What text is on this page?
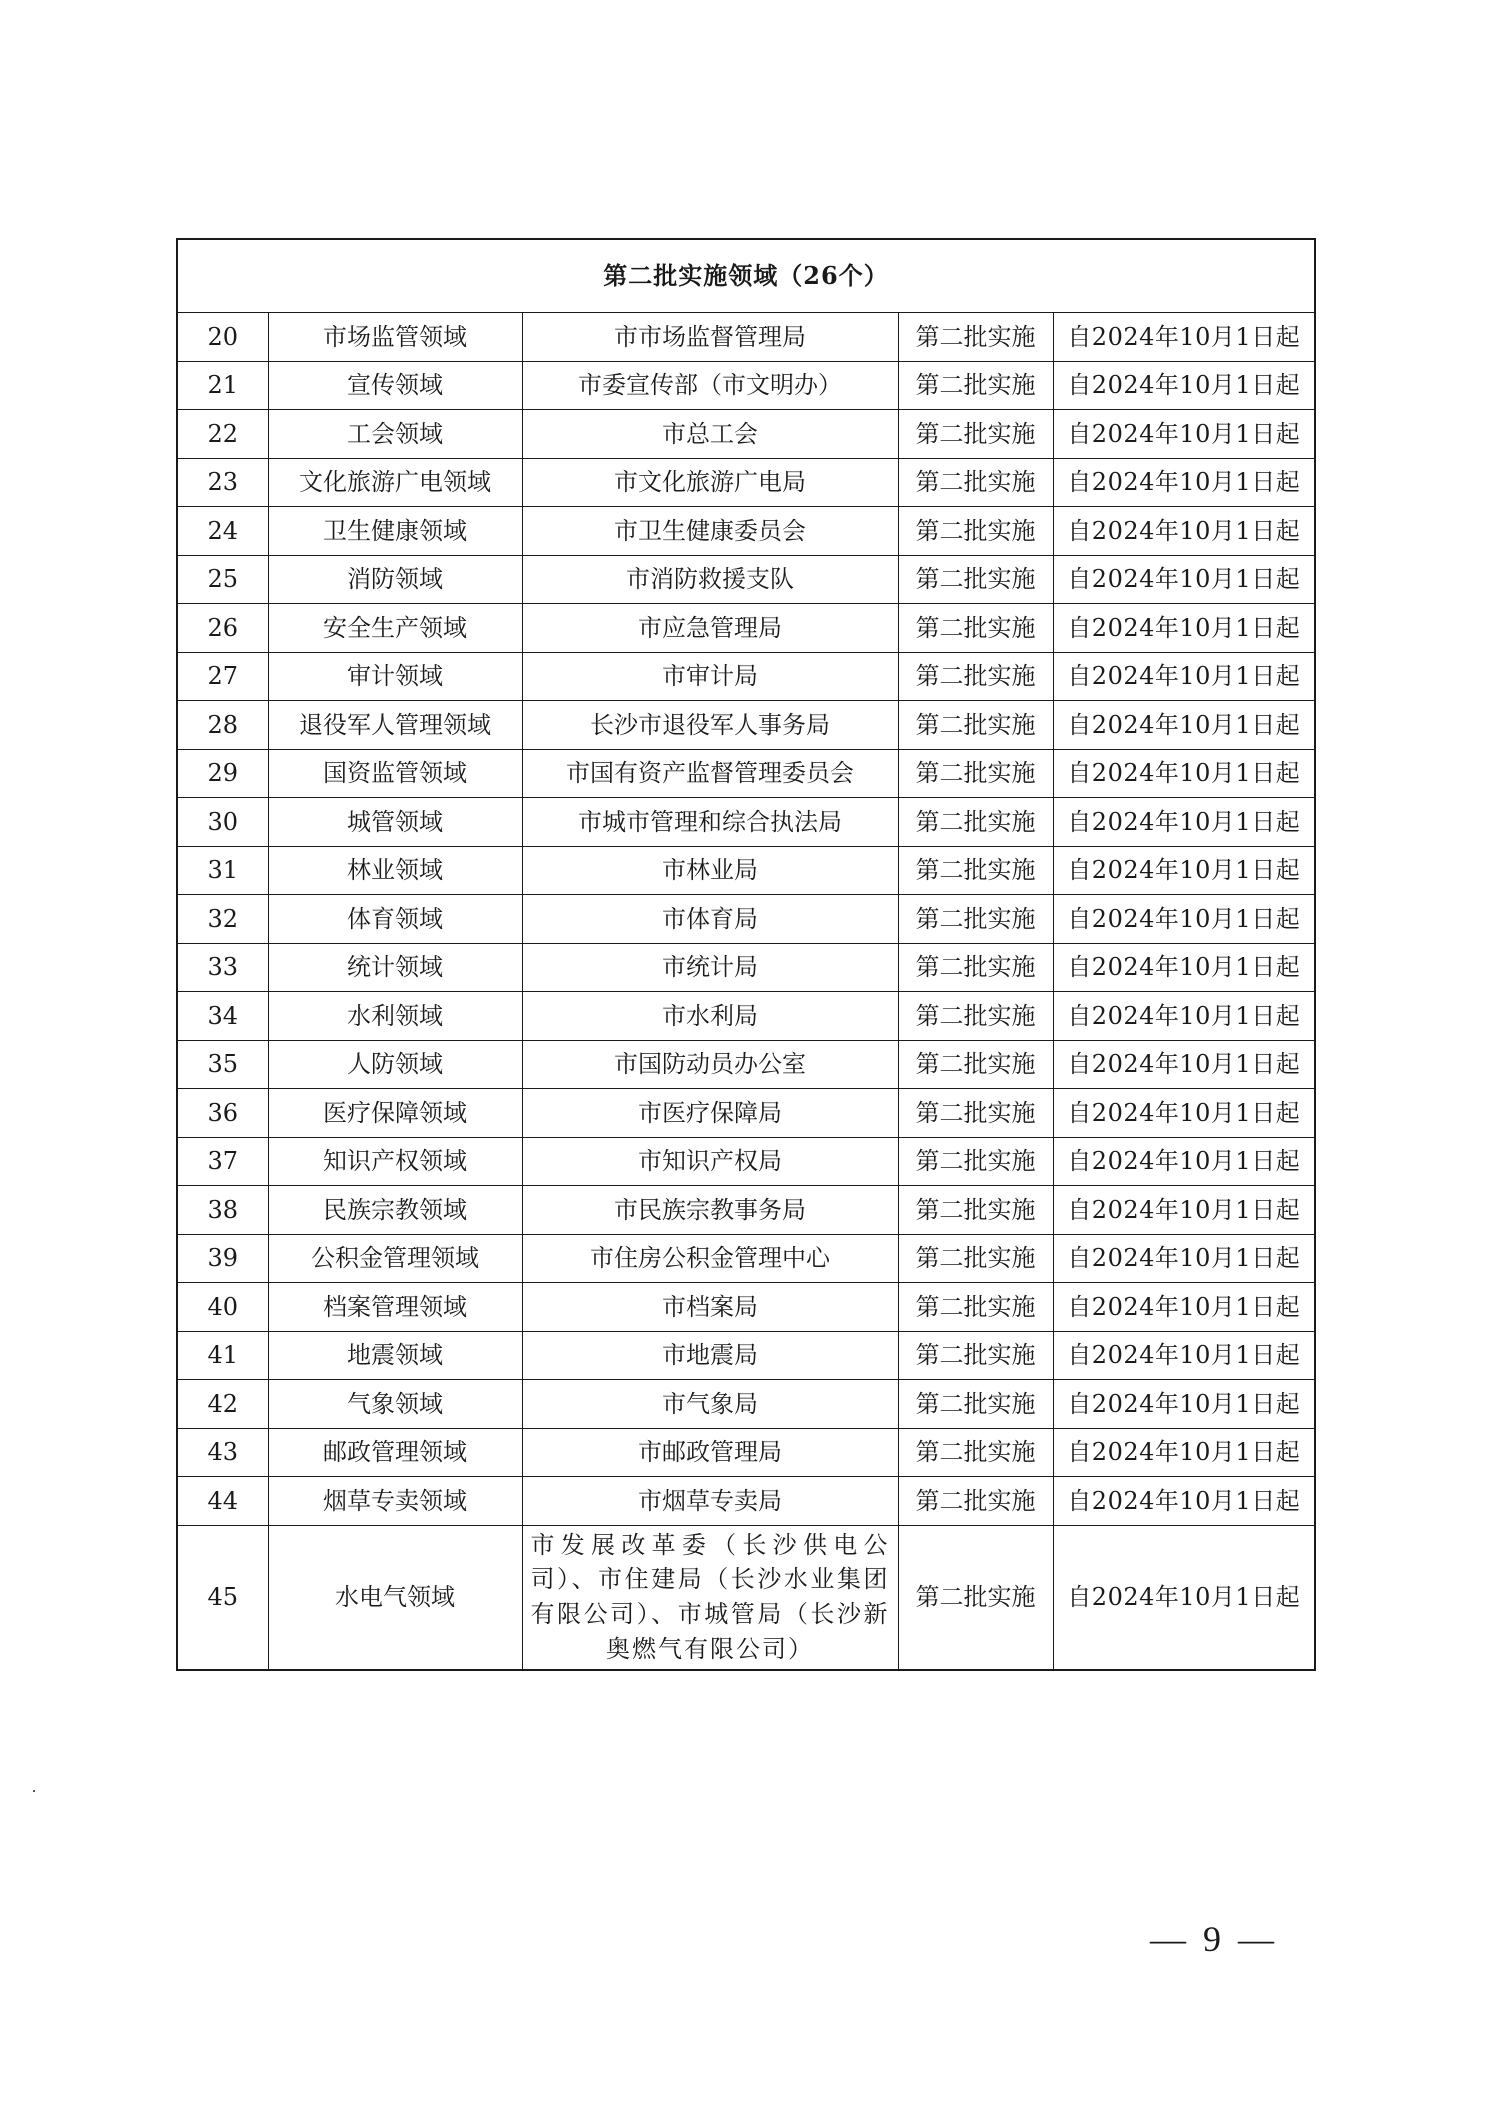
第二批实施领域（26个）				
20	市场监管领域	市市场监督管理局	第二批实施	自2024年10月1日起
21	宣传领域	市委宣传部（市文明办）	第二批实施	自2024年10月1日起
22	工会领域	市总工会	第二批实施	自2024年10月1日起
23	文化旅游广电领域	市文化旅游广电局	第二批实施	自2024年10月1日起
24	卫生健康领域	市卫生健康委员会	第二批实施	自2024年10月1日起
25	消防领域	市消防救援支队	第二批实施	自2024年10月1日起
26	安全生产领域	市应急管理局	第二批实施	自2024年10月1日起
27	审计领域	市审计局	第二批实施	自2024年10月1日起
28	退役军人管理领域	长沙市退役军人事务局	第二批实施	自2024年10月1日起
29	国资监管领域	市国有资产监督管理委员会	第二批实施	自2024年10月1日起
30	城管领域	市城市管理和综合执法局	第二批实施	自2024年10月1日起
31	林业领域	市林业局	第二批实施	自2024年10月1日起
32	体育领域	市体育局	第二批实施	自2024年10月1日起
33	统计领域	市统计局	第二批实施	自2024年10月1日起
34	水利领域	市水利局	第二批实施	自2024年10月1日起
35	人防领域	市国防动员办公室	第二批实施	自2024年10月1日起
36	医疗保障领域	市医疗保障局	第二批实施	自2024年10月1日起
37	知识产权领域	市知识产权局	第二批实施	自2024年10月1日起
38	民族宗教领域	市民族宗教事务局	第二批实施	自2024年10月1日起
39	公积金管理领域	市住房公积金管理中心	第二批实施	自2024年10月1日起
40	档案管理领域	市档案局	第二批实施	自2024年10月1日起
41	地震领域	市地震局	第二批实施	自2024年10月1日起
42	气象领域	市气象局	第二批实施	自2024年10月1日起
43	邮政管理领域	市邮政管理局	第二批实施	自2024年10月1日起
44	烟草专卖领域	市烟草专卖局	第二批实施	自2024年10月1日起
45	水电气领域	市发展改革委（长沙供电公司）、市住建局（长沙水业集团有限公司）、市城管局（长沙新奥燃气有限公司）	第二批实施	自2024年10月1日起
— 9 —
